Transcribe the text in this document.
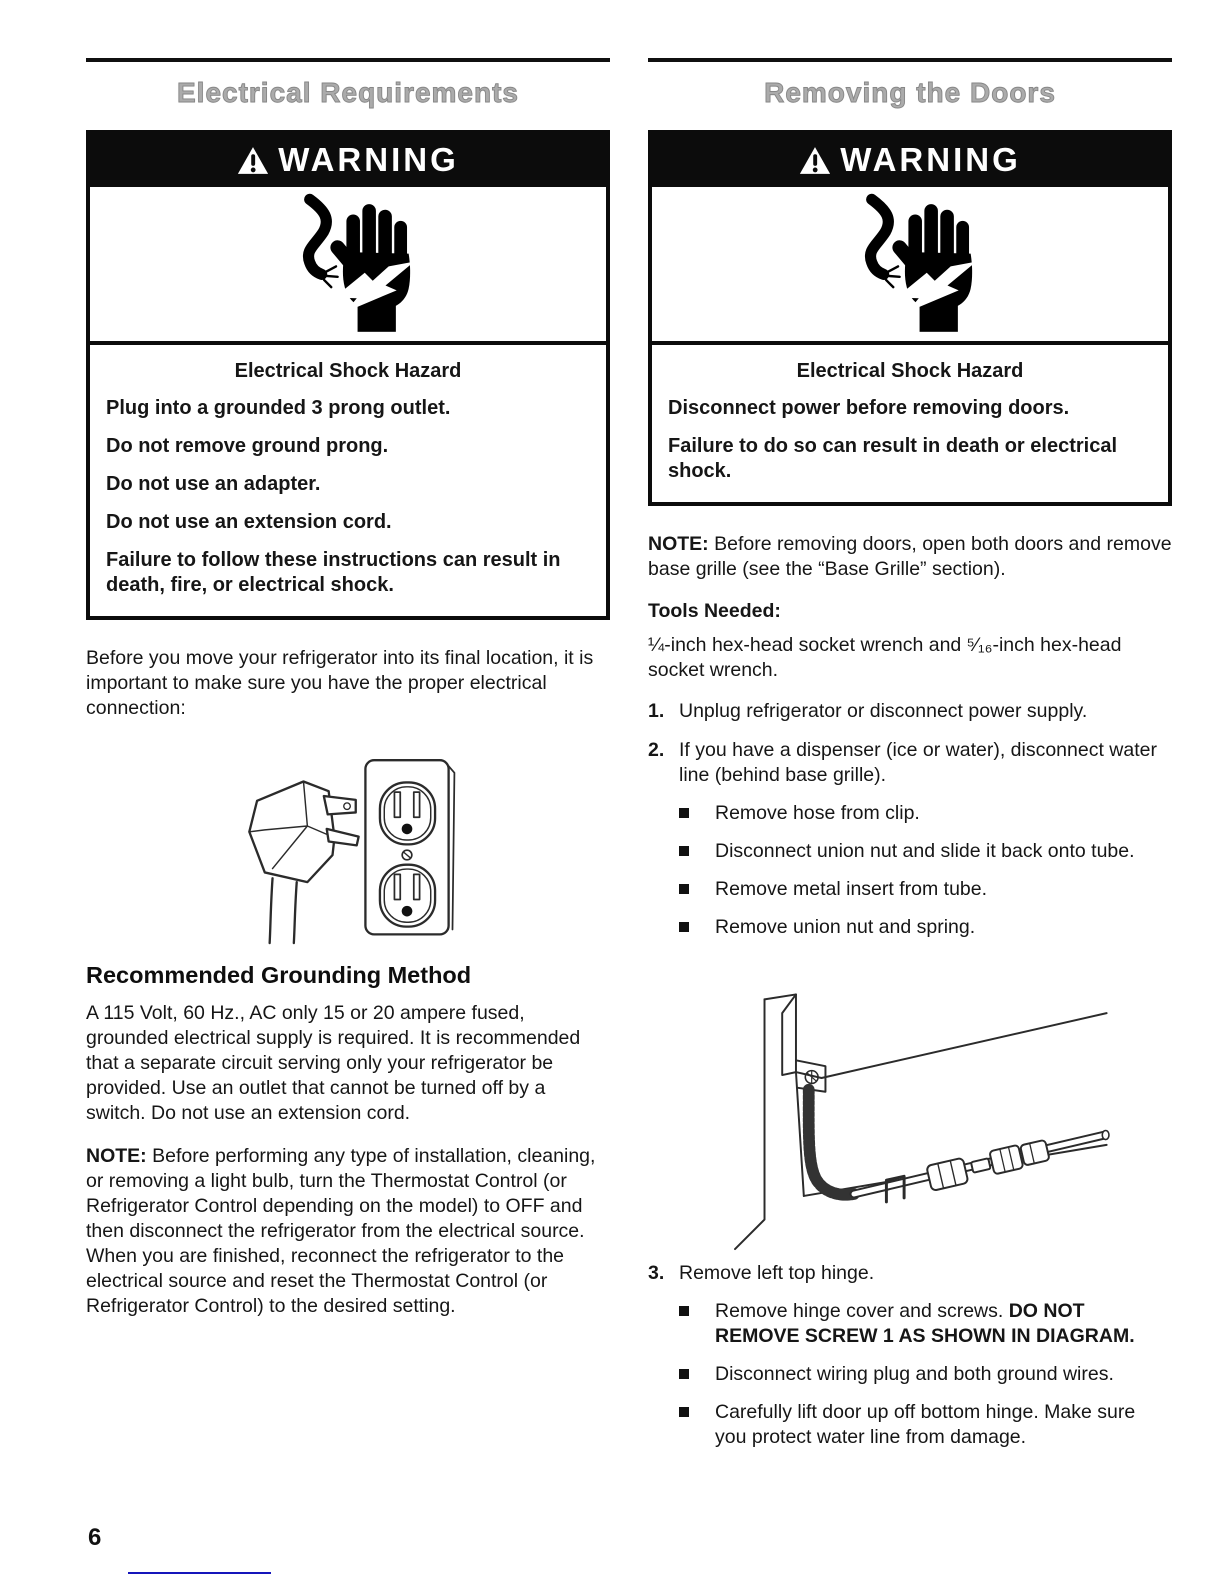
Electrical Requirements
WARNING
Electrical Shock Hazard

Plug into a grounded 3 prong outlet.

Do not remove ground prong.

Do not use an adapter.

Do not use an extension cord.

Failure to follow these instructions can result in death, fire, or electrical shock.

Before you move your refrigerator into its final location, it is important to make sure you have the proper electrical connection:

Recommended Grounding Method

A 115 Volt, 60 Hz., AC only 15 or 20 ampere fused, grounded electrical supply is required. It is recommended that a separate circuit serving only your refrigerator be provided. Use an outlet that cannot be turned off by a switch. Do not use an extension cord.

NOTE: Before performing any type of installation, cleaning, or removing a light bulb, turn the Thermostat Control (or Refrigerator Control depending on the model) to OFF and then disconnect the refrigerator from the electrical source. When you are finished, reconnect the refrigerator to the electrical source and reset the Thermostat Control (or Refrigerator Control) to the desired setting.

Removing the Doors
WARNING
Electrical Shock Hazard

Disconnect power before removing doors.

Failure to do so can result in death or electrical shock.

NOTE: Before removing doors, open both doors and remove base grille (see the “Base Grille” section).

Tools Needed:

¼-inch hex-head socket wrench and ⁵⁄₁₆-inch hex-head socket wrench.

1. Unplug refrigerator or disconnect power supply.
2. If you have a dispenser (ice or water), disconnect water line (behind base grille).
Remove hose from clip.
Disconnect union nut and slide it back onto tube.
Remove metal insert from tube.
Remove union nut and spring.
3. Remove left top hinge.
Remove hinge cover and screws. DO NOT REMOVE SCREW 1 AS SHOWN IN DIAGRAM.
Disconnect wiring plug and both ground wires.
Carefully lift door up off bottom hinge. Make sure you protect water line from damage.
6
